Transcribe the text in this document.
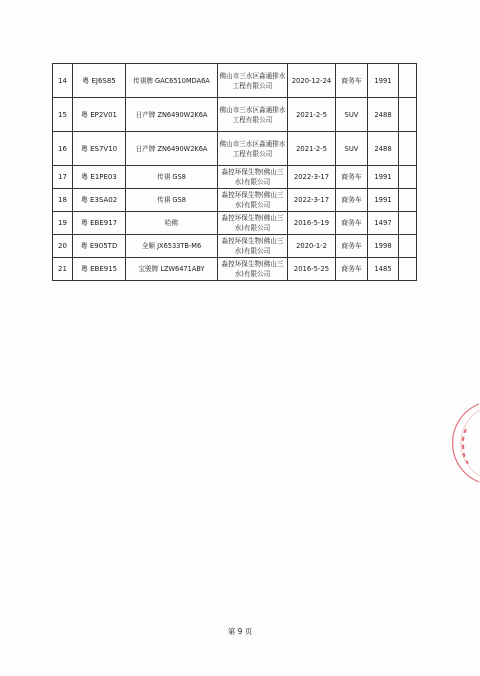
14	粤 EJ6S85	传祺牌 GAC6510MDA6A	佛山市三水区淼通排水工程有限公司	2020-12-24	商务车	1991	
15	粤 EP2V01	日产牌 ZN6490W2K6A	佛山市三水区淼通排水工程有限公司	2021-2-5	SUV	2488	
16	粤 ES7V10	日产牌 ZN6490W2K6A	佛山市三水区淼通排水工程有限公司	2021-2-5	SUV	2488	
17	粤 E1PE03	传祺 GS8	淼控环保生物(佛山三水)有限公司	2022-3-17	商务车	1991	
18	粤 E3SA02	传祺 GS8	淼控环保生物(佛山三水)有限公司	2022-3-17	商务车	1991	
19	粤 EBE917	哈佛	淼控环保生物(佛山三水)有限公司	2016-5-19	商务车	1497	
20	粤 E905TD	全顺 JX6533TB-M6	淼控环保生物(佛山三水)有限公司	2020-1-2	商务车	1998	
21	粤 EBE915	宝骏牌 LZW6471ABY	淼控环保生物(佛山三水)有限公司	2016-5-25	商务车	1485	
第 9 页
